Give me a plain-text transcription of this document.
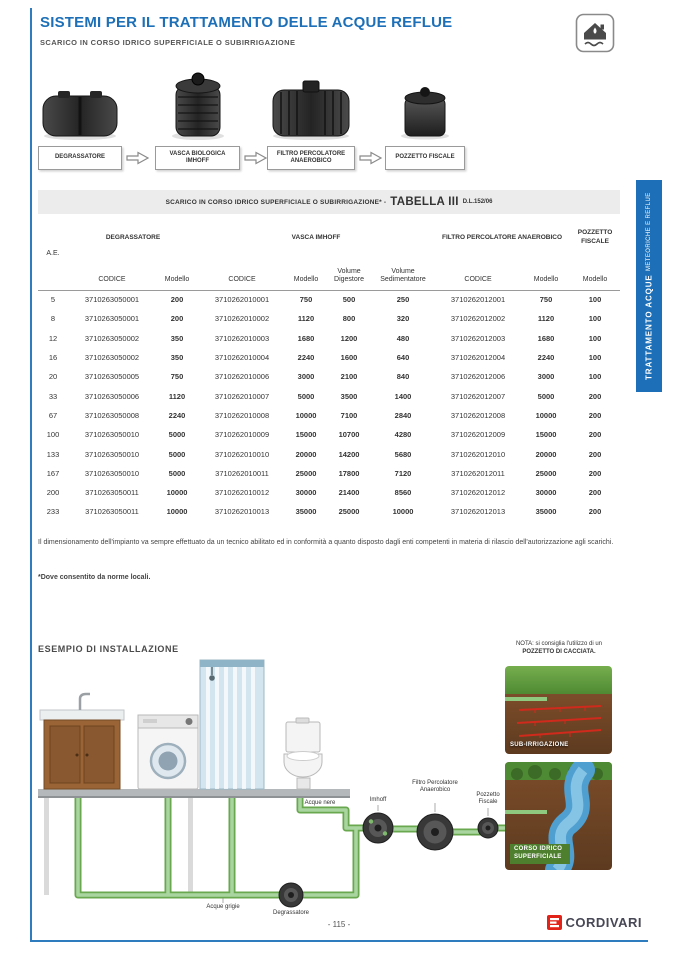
SISTEMI PER IL TRATTAMENTO DELLE ACQUE REFLUE
SCARICO IN CORSO IDRICO SUPERFICIALE O SUBIRRIGAZIONE
DEGRASSATORE
VASCA BIOLOGICA IMHOFF
FILTRO PERCOLATORE ANAEROBICO
POZZETTO FISCALE
SCARICO IN CORSO IDRICO SUPERFICIALE O SUBIRRIGAZIONE* - TABELLA III D.L.152/06
A.E.	DEGRASSATORE		VASCA IMHOFF				FILTRO PERCOLATORE ANAEROBICO		POZZETTO FISCALE
	CODICE	Modello	CODICE	Modello	Volume Digestore	Volume Sedimentatore	CODICE	Modello	Modello
5	3710263050001	200	3710262010001	750	500	250	3710262012001	750	100
8	3710263050001	200	3710262010002	1120	800	320	3710262012002	1120	100
12	3710263050002	350	3710262010003	1680	1200	480	3710262012003	1680	100
16	3710263050002	350	3710262010004	2240	1600	640	3710262012004	2240	100
20	3710263050005	750	3710262010006	3000	2100	840	3710262012006	3000	100
33	3710263050006	1120	3710262010007	5000	3500	1400	3710262012007	5000	200
67	3710263050008	2240	3710262010008	10000	7100	2840	3710262012008	10000	200
100	3710263050010	5000	3710262010009	15000	10700	4280	3710262012009	15000	200
133	3710263050010	5000	3710262010010	20000	14200	5680	3710262012010	20000	200
167	3710263050010	5000	3710262010011	25000	17800	7120	3710262012011	25000	200
200	3710263050011	10000	3710262010012	30000	21400	8560	3710262012012	30000	200
233	3710263050011	10000	3710262010013	35000	25000	10000	3710262012013	35000	200

Il dimensionamento dell'impianto va sempre effettuato da un tecnico abilitato ed in conformità a quanto disposto dagli enti competenti in materia di rilascio dell'autorizzazione agli scarichi.

*Dove consentito da norme locali.

TRATTAMENTO ACQUE
METEORICHE E REFLUE
ESEMPIO DI INSTALLAZIONE
Acque nere	Imhoff
Filtro Percolatore Anaerobico
Pozzetto Fiscale
Acque grigie
Degrassatore
NOTA: si consiglia l'utilizzo di un
POZZETTO DI CACCIATA.
SUB-IRRIGAZIONE
CORSO IDRICO SUPERFICIALE
- 115 -	CORDIVARI
